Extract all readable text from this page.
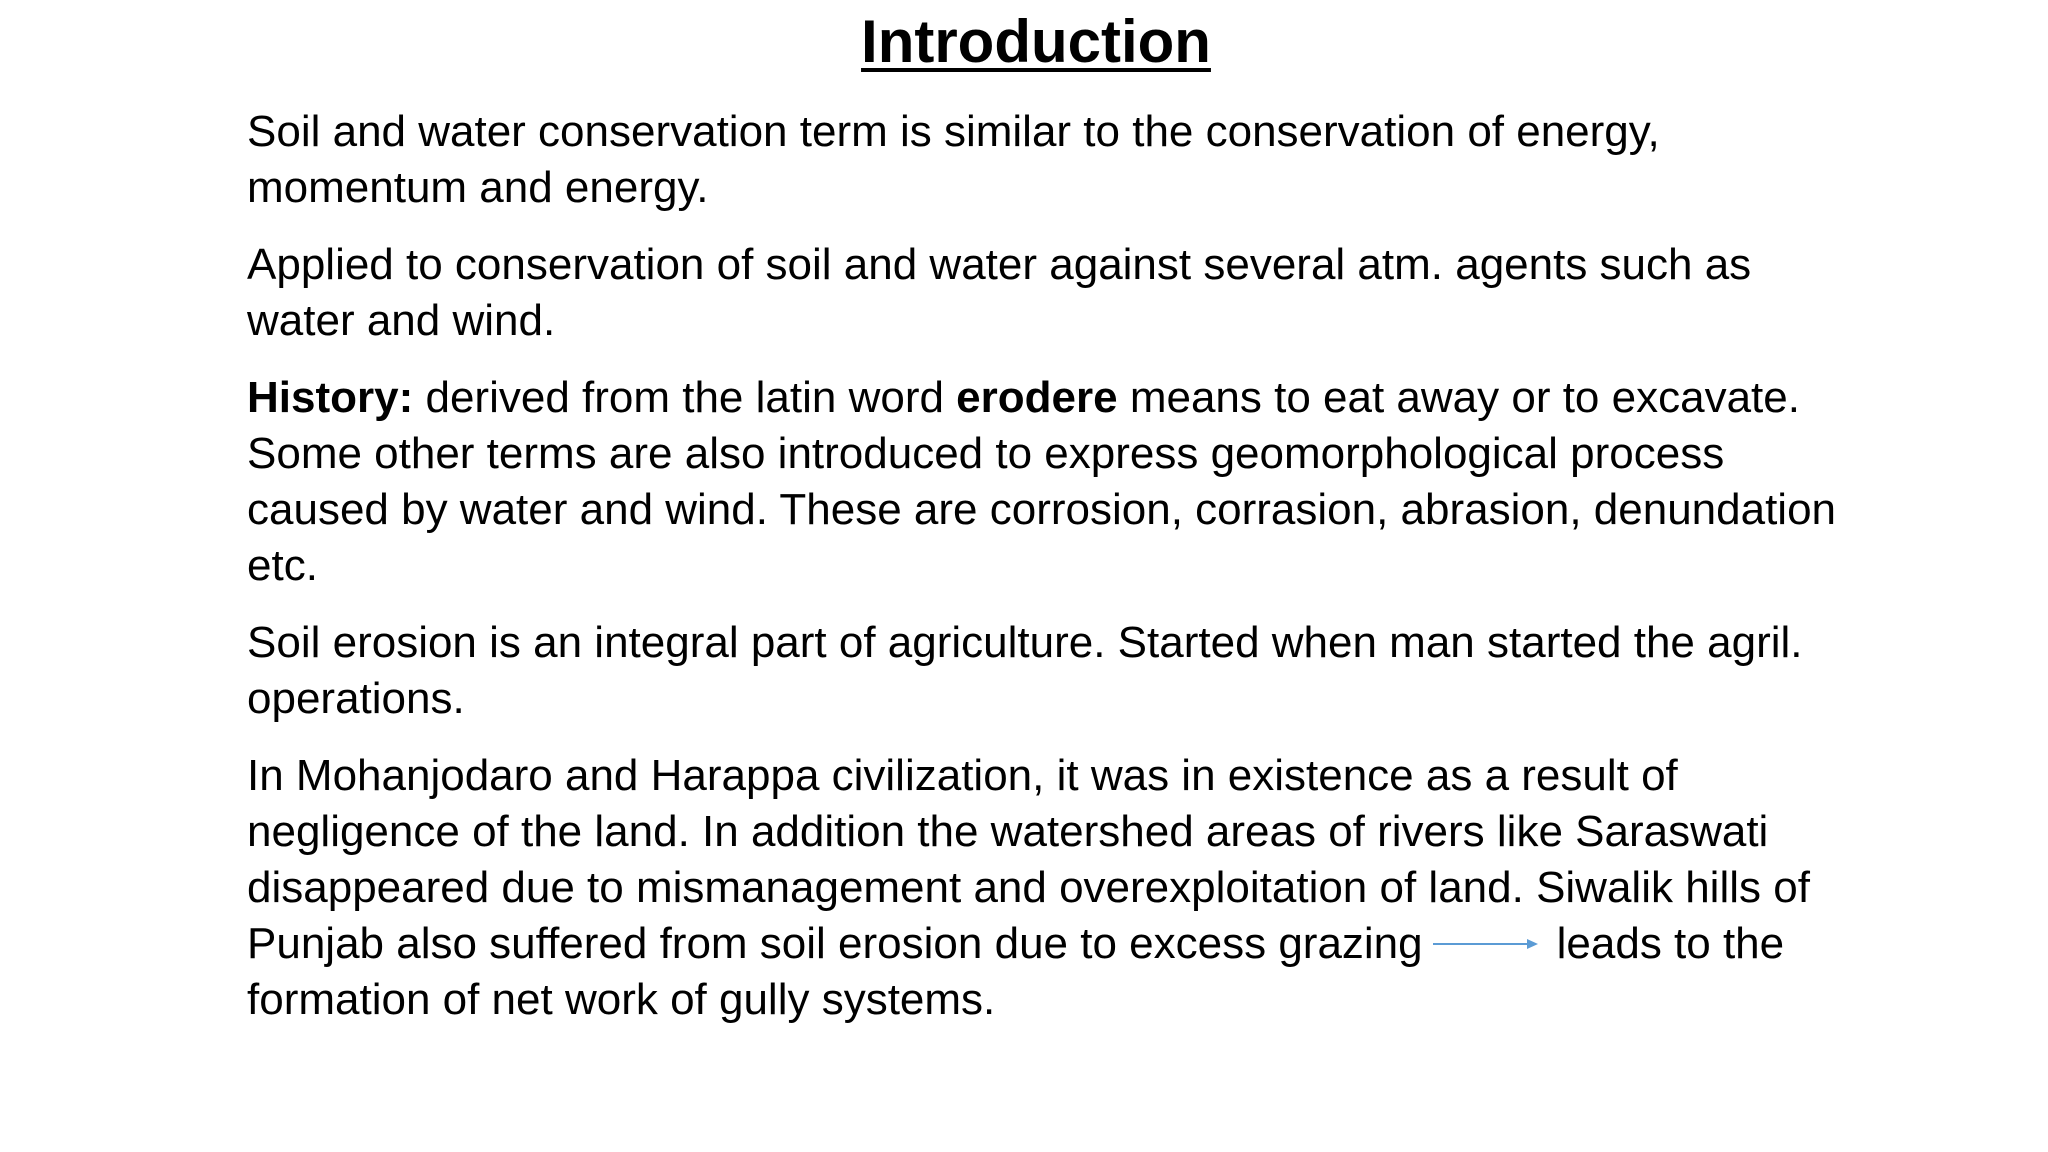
Introduction

Soil and water conservation term is similar to the conservation of energy, momentum and energy.

Applied to conservation of soil and water against several atm. agents such as water and wind.

History: derived from the latin word erodere means to eat away or to excavate. Some other terms are also introduced to express geomorphological process caused by water and wind. These are corrosion, corrasion, abrasion, denundation etc.

Soil erosion is an integral part of agriculture. Started when man started the agril. operations.

In Mohanjodaro and Harappa civilization, it was in existence as a result of negligence of the land. In addition the watershed areas of rivers like Saraswati disappeared due to mismanagement and overexploitation of land. Siwalik hills of Punjab also suffered from soil erosion due to excess grazing	leads to the formation of net work of gully systems.
